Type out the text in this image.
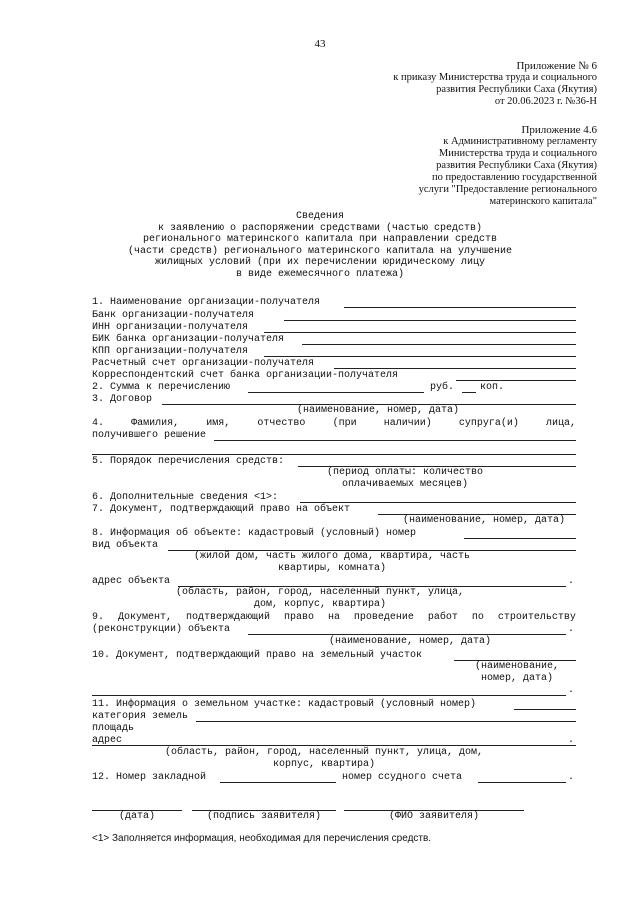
43
Приложение № 6
к приказу Министерства труда и социального
развития Республики Саха (Якутия)
от 20.06.2023 г. №36-Н
Приложение 4.6
к Административному регламенту
Министерства труда и социального
развития Республики Саха (Якутия)
по предоставлению государственной
услуги "Предоставление регионального
материнского капитала"
Сведения
к заявлению о распоряжении средствами (частью средств)
регионального материнского капитала при направлении средств
(части средств) регионального материнского капитала на улучшение
жилищных условий (при их перечислении юридическому лицу
в виде ежемесячного платежа)
1. Наименование организации-получателя
Банк организации-получателя
ИНН организации-получателя
БИК банка организации-получателя
КПП организации-получателя
Расчетный счет организации-получателя
Корреспондентский счет банка организации-получателя
2. Сумма к перечислению	руб.	коп.
3. Договор
(наименование, номер, дата)
4.	Фамилия,	имя,	отчество	(при	наличии)	супруга(и)	лица,
получившего решение
5. Порядок перечисления средств:
(период оплаты: количество оплачиваемых месяцев)
6. Дополнительные сведения <1>:
7. Документ, подтверждающий право на объект
(наименование, номер, дата)
8. Информация об объекте: кадастровый (условный) номер
вид объекта
(жилой дом, часть жилого дома, квартира, часть квартиры, комната)
адрес объекта	.
(область, район, город, населенный пункт, улица, дом, корпус, квартира)
9. Документ, подтверждающий право на проведение работ по строительству
(реконструкции) объекта	.
(наименование, номер, дата)
10. Документ, подтверждающий право на земельный участок
(наименование, номер, дата)
.
11. Информация о земельном участке: кадастровый (условный номер)
категория земель
площадь
адрес	.
(область, район, город, населенный пункт, улица, дом, корпус, квартира)
12. Номер закладной	номер ссудного счета	.
(дата)	(подпись заявителя)	(ФИО заявителя)
<1> Заполняется информация, необходимая для перечисления средств.
